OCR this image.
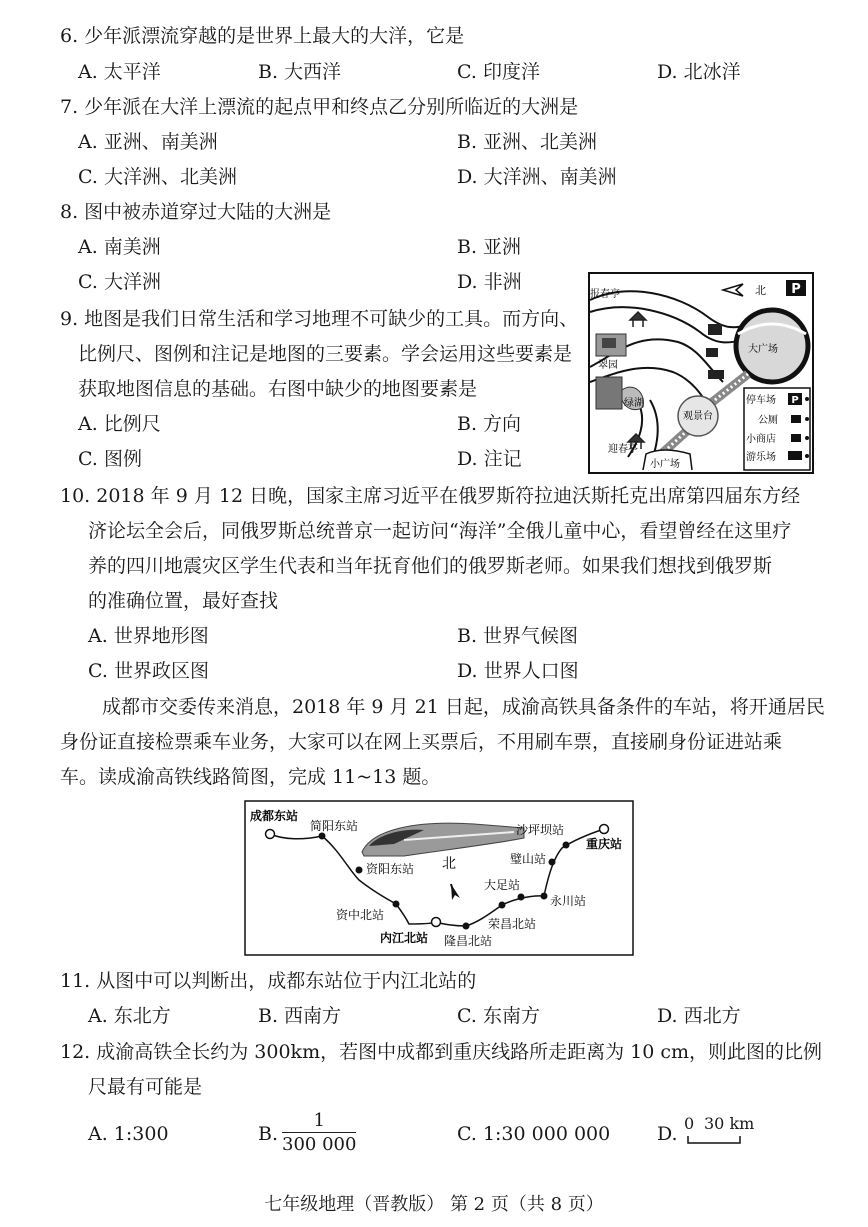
6. 少年派漂流穿越的是世界上最大的大洋，它是
A. 太平洋	B. 大西洋	C. 印度洋	D. 北冰洋
7. 少年派在大洋上漂流的起点甲和终点乙分别所临近的大洲是
A. 亚洲、南美洲	B. 亚洲、北美洲
C. 大洋洲、北美洲	D. 大洋洲、南美洲
8. 图中被赤道穿过大陆的大洲是
A. 南美洲	B. 亚洲
C. 大洋洲	D. 非洲
9. 地图是我们日常生活和学习地理不可缺少的工具。而方向、
比例尺、图例和注记是地图的三要素。学会运用这些要素是
获取地图信息的基础。右图中缺少的地图要素是
A. 比例尺	B. 方向
C. 图例	D. 注记
P
P
北
报春亭
翠园
绿湖
观景台
迎春亭
小广场
大广场
停车场
公厕
小商店
游乐场
10. 2018 年 9 月 12 日晚，国家主席习近平在俄罗斯符拉迪沃斯托克出席第四届东方经
济论坛全会后，同俄罗斯总统普京一起访问“海洋”全俄儿童中心，看望曾经在这里疗
养的四川地震灾区学生代表和当年抚育他们的俄罗斯老师。如果我们想找到俄罗斯
的准确位置，最好查找
A. 世界地形图	B. 世界气候图
C. 世界政区图	D. 世界人口图
成都市交委传来消息，2018 年 9 月 21 日起，成渝高铁具备条件的车站，将开通居民
身份证直接检票乘车业务，大家可以在网上买票后，不用刷车票，直接刷身份证进站乘
车。读成渝高铁线路简图，完成 11~13 题。
北
成都东站
简阳东站
资阳东站
资中北站
内江北站 隆昌北站
荣昌北站
大足站
永川站
璧山站
沙坪坝站
重庆站
11. 从图中可以判断出，成都东站位于内江北站的
A. 东北方	B. 西南方	C. 东南方	D. 西北方
12. 成渝高铁全长约为 300km，若图中成都到重庆线路所走距离为 10 cm，则此图的比例
尺最有可能是
A. 1:300	B. $\frac{1}{300 000}$	C. 1:30 000 000 D. 0 30 km
七年级地理（晋教版） 第 2 页（共 8 页）
